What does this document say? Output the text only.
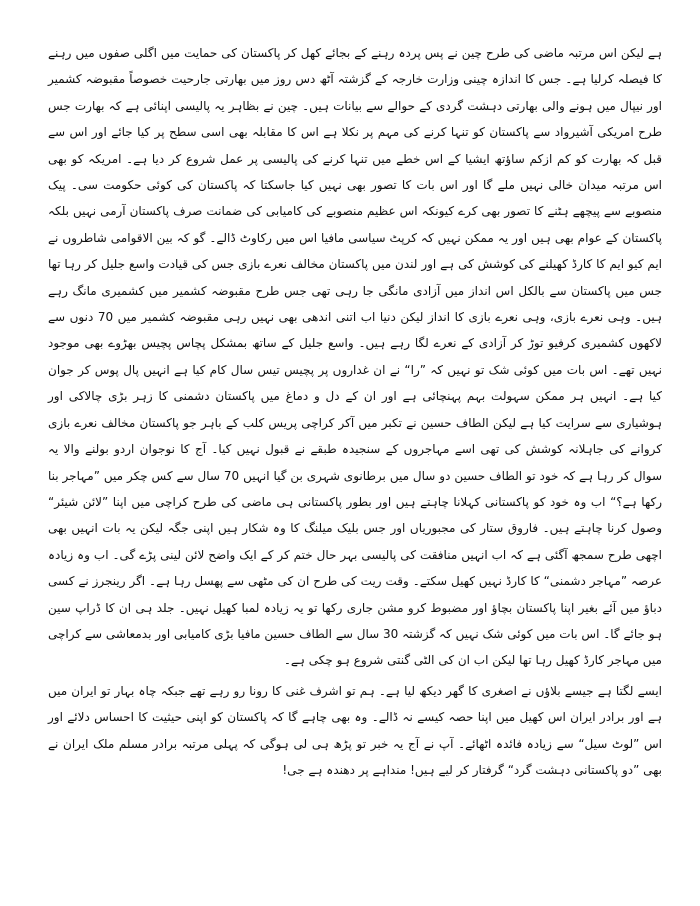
ہے لیکن اس مرتبہ ماضی کی طرح چین نے پس پردہ رہنے کے بجائے کھل کر پاکستان کی حمایت میں اگلی صفوں میں رہنے کا فیصلہ کرلیا ہے۔ جس کا اندازہ چینی وزارت خارجہ کے گزشتہ آٹھ دس روز میں بھارتی جارحیت خصوصاً مقبوضہ کشمیر اور نیپال میں ہونے والی بھارتی دہشت گردی کے حوالے سے بیانات ہیں۔ چین نے بظاہر یہ پالیسی اپنائی ہے کہ بھارت جس طرح امریکی آشیرواد سے پاکستان کو تنہا کرنے کی مہم پر نکلا ہے اس کا مقابلہ بھی اسی سطح پر کیا جائے اور اس سے قبل کہ بھارت کو کم ازکم ساؤتھ ایشیا کے اس خطے میں تنہا کرنے کی پالیسی پر عمل شروع کر دیا ہے۔ امریکہ کو بھی اس مرتبہ میدان خالی نہیں ملے گا اور اس بات کا تصور بھی نہیں کیا جاسکتا کہ پاکستان کی کوئی حکومت سی۔ پیک منصوبے سے پیچھے ہٹنے کا تصور بھی کرے کیونکہ اس عظیم منصوبے کی کامیابی کی ضمانت صرف پاکستان آرمی نہیں بلکہ پاکستان کے عوام بھی ہیں اور یہ ممکن نہیں کہ کرپٹ سیاسی مافیا اس میں رکاوٹ ڈالے۔ گو کہ بین الاقوامی شاطروں نے ایم کیو ایم کا کارڈ کھیلنے کی کوشش کی ہے اور لندن میں پاکستان مخالف نعرے بازی جس کی قیادت واسع جلیل کر رہا تھا جس میں پاکستان سے بالکل اس انداز میں آزادی مانگی جا رہی تھی جس طرح مقبوضہ کشمیر میں کشمیری مانگ رہے ہیں۔ وہی نعرے بازی، وہی نعرے بازی کا انداز لیکن دنیا اب اتنی اندھی بھی نہیں رہی مقبوضہ کشمیر میں 70 دنوں سے لاکھوں کشمیری کرفیو توڑ کر آزادی کے نعرے لگا رہے ہیں۔ واسع جلیل کے ساتھ بمشکل پچاس پچیس بھڑوے بھی موجود نہیں تھے۔ اس بات میں کوئی شک تو نہیں کہ ”را“ نے ان غداروں پر پچیس تیس سال کام کیا ہے انہیں پال پوس کر جوان کیا ہے۔ انہیں ہر ممکن سہولت بہم پہنچائی ہے اور ان کے دل و دماغ میں پاکستان دشمنی کا زہر بڑی چالاکی اور ہوشیاری سے سرایت کیا ہے لیکن الطاف حسین نے تکبر میں آکر کراچی پریس کلب کے باہر جو پاکستان مخالف نعرے بازی کروانے کی جاہلانہ کوشش کی تھی اسے مہاجروں کے سنجیدہ طبقے نے قبول نہیں کیا۔ آج کا نوجوان اردو بولنے والا یہ سوال کر رہا ہے کہ خود تو الطاف حسین دو سال میں برطانوی شہری بن گیا انہیں 70 سال سے کس چکر میں ”مہاجر بنا رکھا ہے؟“ اب وہ خود کو پاکستانی کہلانا چاہتے ہیں اور بطور پاکستانی ہی ماضی کی طرح کراچی میں اپنا ”لائن شیئر“ وصول کرنا چاہتے ہیں۔ فاروق ستار کی مجبوریاں اور جس بلیک میلنگ کا وہ شکار ہیں اپنی جگہ لیکن یہ بات انہیں بھی اچھی طرح سمجھ آگئی ہے کہ اب انہیں منافقت کی پالیسی بہر حال ختم کر کے ایک واضح لائن لینی پڑے گی۔ اب وہ زیادہ عرصہ ”مہاجر دشمنی“ کا کارڈ نہیں کھیل سکتے۔ وقت ریت کی طرح ان کی مٹھی سے پھسل رہا ہے۔ اگر رینجرز نے کسی دباؤ میں آئے بغیر اپنا پاکستان بچاؤ اور مضبوط کرو مشن جاری رکھا تو یہ زیادہ لمبا کھیل نہیں۔ جلد ہی ان کا ڈراپ سین ہو جائے گا۔ اس بات میں کوئی شک نہیں کہ گزشتہ 30 سال سے الطاف حسین مافیا بڑی کامیابی اور بدمعاشی سے کراچی میں مہاجر کارڈ کھیل رہا تھا لیکن اب ان کی الٹی گنتی شروع ہو چکی ہے۔

ایسے لگتا ہے جیسے بلاؤں نے اصغری کا گھر دیکھ لیا ہے۔ ہم تو اشرف غنی کا رونا رو رہے تھے جبکہ چاہ بہار تو ایران میں ہے اور برادر ایران اس کھیل میں اپنا حصہ کیسے نہ ڈالے۔ وہ بھی چاہے گا کہ پاکستان کو اپنی حیثیت کا احساس دلائے اور اس ”لوٹ سیل“ سے زیادہ فائدہ اٹھائے۔ آپ نے آج یہ خبر تو پڑھ ہی لی ہوگی کہ پہلی مرتبہ برادر مسلم ملک ایران نے بھی ”دو پاکستانی دہشت گرد“ گرفتار کر لیے ہیں! منداہے پر دھندہ ہے جی!
